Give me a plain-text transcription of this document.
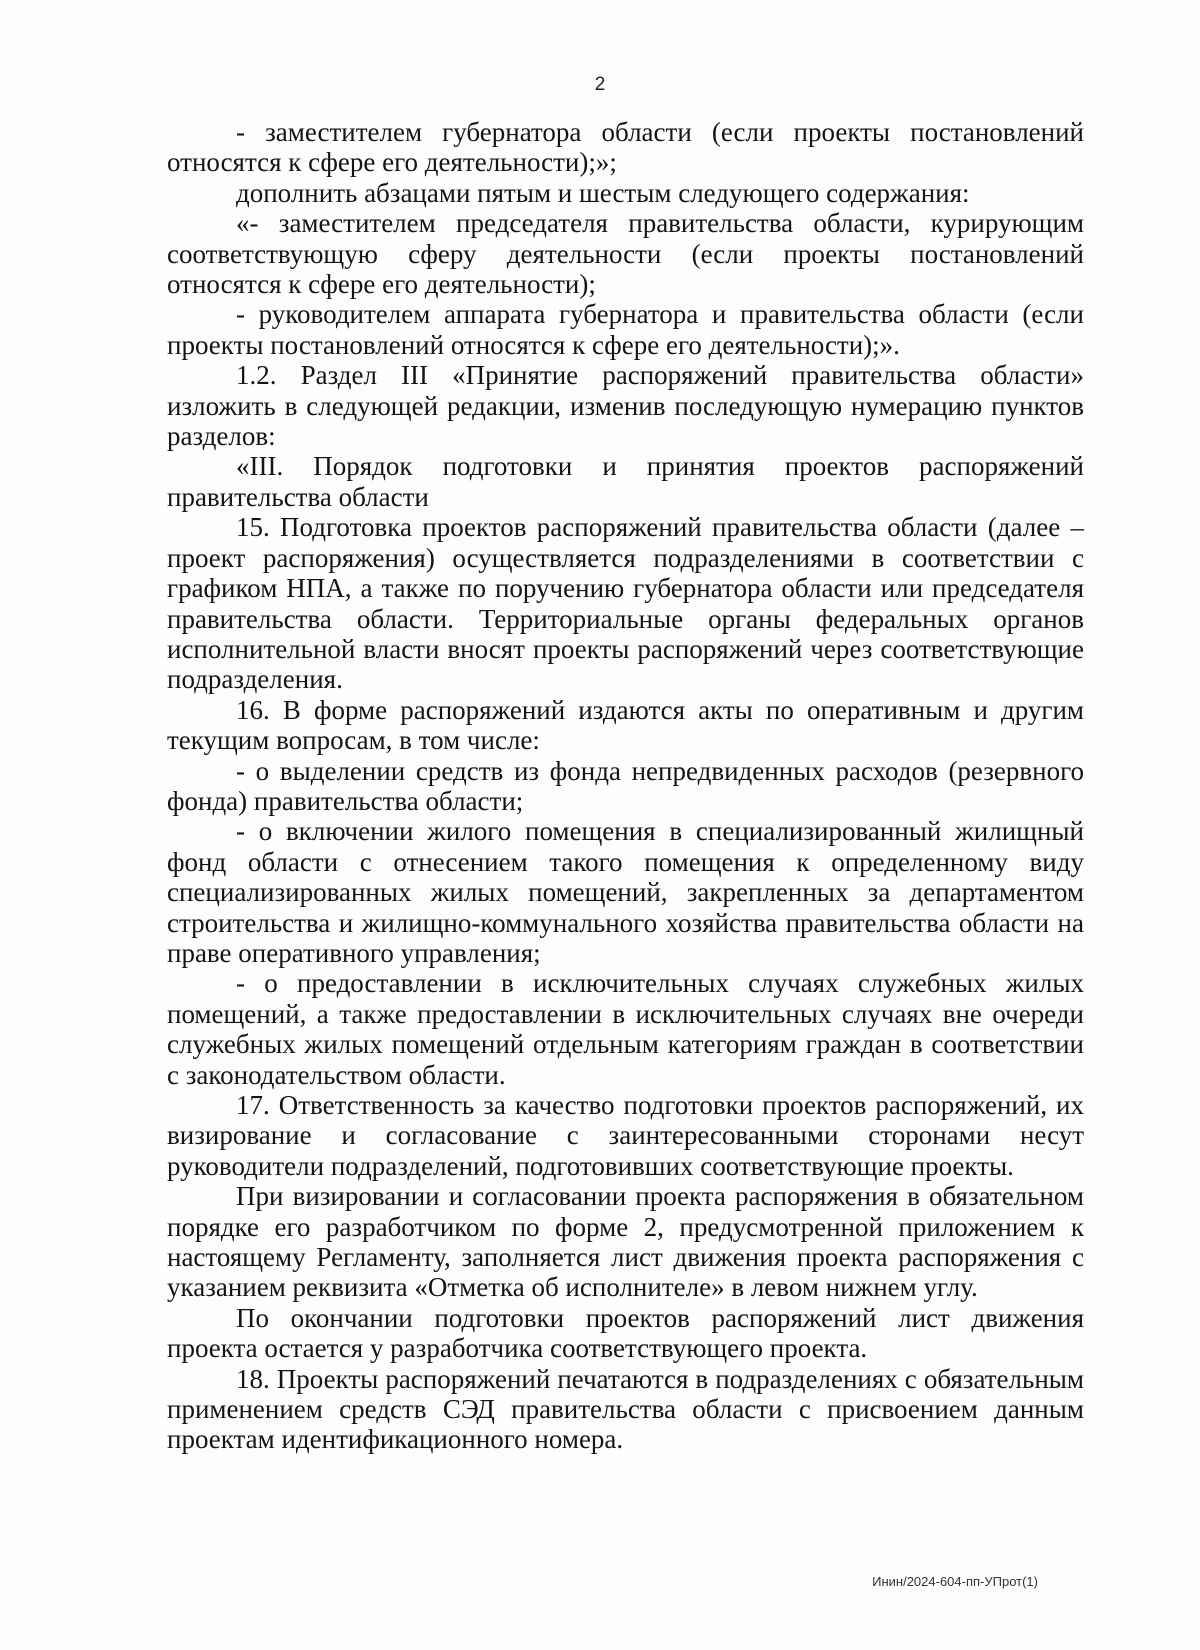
2

- заместителем губернатора области (если проекты постановлений относятся к сфере его деятельности);»;

дополнить абзацами пятым и шестым следующего содержания:

«- заместителем председателя правительства области, курирующим соответствующую сферу деятельности (если проекты постановлений относятся к сфере его деятельности);

- руководителем аппарата губернатора и правительства области (если проекты постановлений относятся к сфере его деятельности);».

1.2. Раздел III «Принятие распоряжений правительства области» изложить в следующей редакции, изменив последующую нумерацию пунктов разделов:

«III. Порядок подготовки и принятия проектов распоряжений правительства области

15. Подготовка проектов распоряжений правительства области (далее – проект распоряжения) осуществляется подразделениями в соответствии с графиком НПА, а также по поручению губернатора области или председателя правительства области. Территориальные органы федеральных органов исполнительной власти вносят проекты распоряжений через соответствующие подразделения.

16. В форме распоряжений издаются акты по оперативным и другим текущим вопросам, в том числе:

- о выделении средств из фонда непредвиденных расходов (резервного фонда) правительства области;

- о включении жилого помещения в специализированный жилищный фонд области с отнесением такого помещения к определенному виду специализированных жилых помещений, закрепленных за департаментом строительства и жилищно-коммунального хозяйства правительства области на праве оперативного управления;

- о предоставлении в исключительных случаях служебных жилых помещений, а также предоставлении в исключительных случаях вне очереди служебных жилых помещений отдельным категориям граждан в соответствии с законодательством области.

17. Ответственность за качество подготовки проектов распоряжений, их визирование и согласование с заинтересованными сторонами несут руководители подразделений, подготовивших соответствующие проекты.

При визировании и согласовании проекта распоряжения в обязательном порядке его разработчиком по форме 2, предусмотренной приложением к настоящему Регламенту, заполняется лист движения проекта распоряжения с указанием реквизита «Отметка об исполнителе» в левом нижнем углу.

По окончании подготовки проектов распоряжений лист движения проекта остается у разработчика соответствующего проекта.

18. Проекты распоряжений печатаются в подразделениях с обязательным применением средств СЭД правительства области с присвоением данным проектам идентификационного номера.

Инин/2024-604-пп-УПрот(1)
